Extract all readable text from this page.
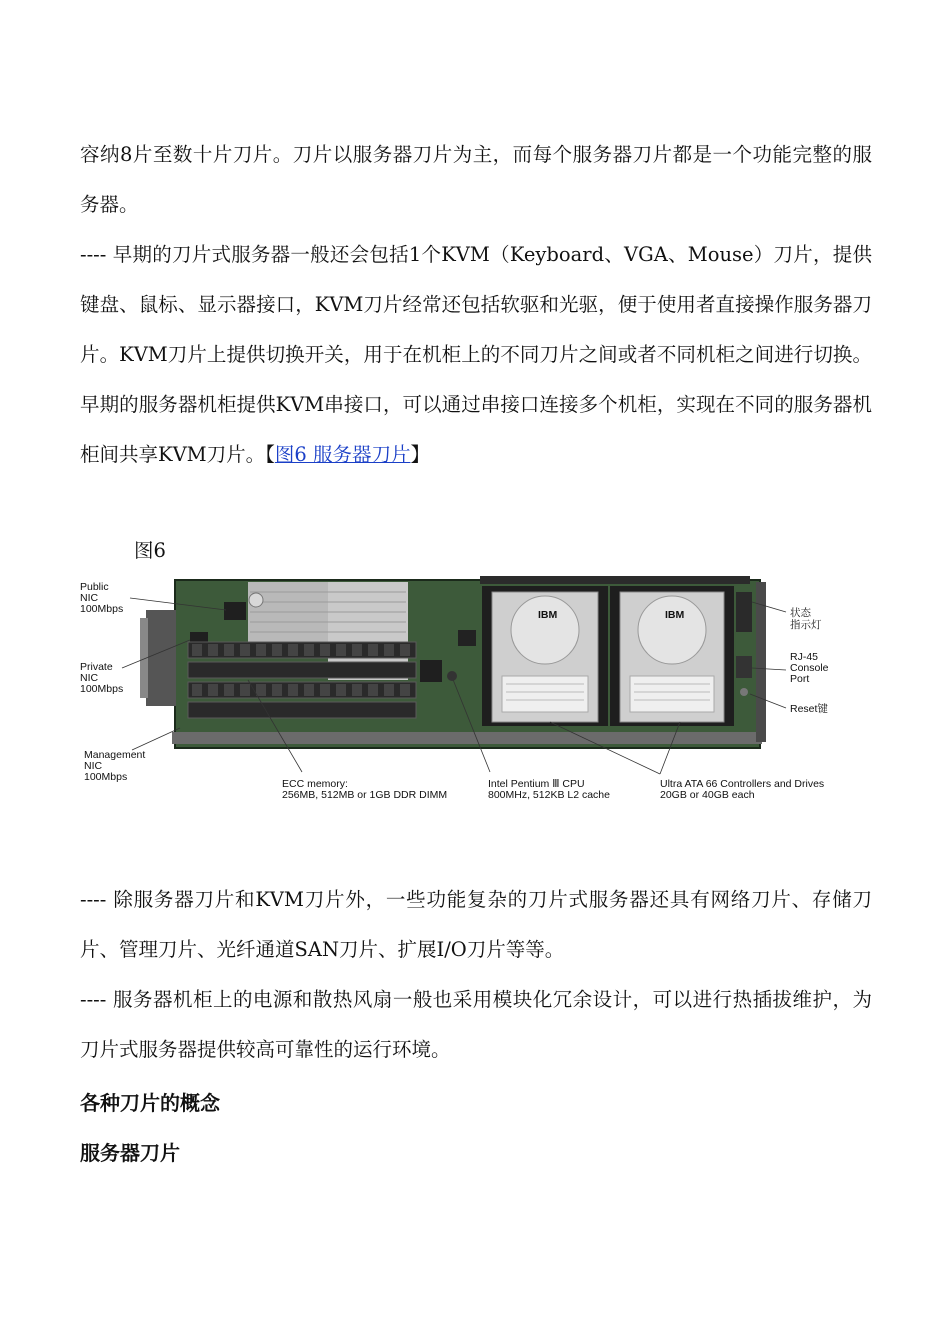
容纳8片至数十片刀片。刀片以服务器刀片为主，而每个服务器刀片都是一个功能完整的服务器。

---- 早期的刀片式服务器一般还会包括1个KVM（Keyboard、VGA、Mouse）刀片，提供键盘、鼠标、显示器接口，KVM刀片经常还包括软驱和光驱，便于使用者直接操作服务器刀片。KVM刀片上提供切换开关，用于在机柜上的不同刀片之间或者不同机柜之间进行切换。早期的服务器机柜提供KVM串接口，可以通过串接口连接多个机柜，实现在不同的服务器机柜间共享KVM刀片。【图6 服务器刀片】

图6
IBM	IBM
Public NIC 100Mbps
Private NIC 100Mbps
Management NIC 100Mbps
ECC memory: 256MB, 512MB or 1GB DDR DIMM
Intel Pentium Ⅲ CPU 800MHz, 512KB L2 cache
Ultra ATA 66 Controllers and Drives 20GB or 40GB each
状态 指示灯
RJ-45 Console Port
Reset键

---- 除服务器刀片和KVM刀片外，一些功能复杂的刀片式服务器还具有网络刀片、存储刀片、管理刀片、光纤通道SAN刀片、扩展I/O刀片等等。

---- 服务器机柜上的电源和散热风扇一般也采用模块化冗余设计，可以进行热插拔维护，为刀片式服务器提供较高可靠性的运行环境。

各种刀片的概念
服务器刀片
